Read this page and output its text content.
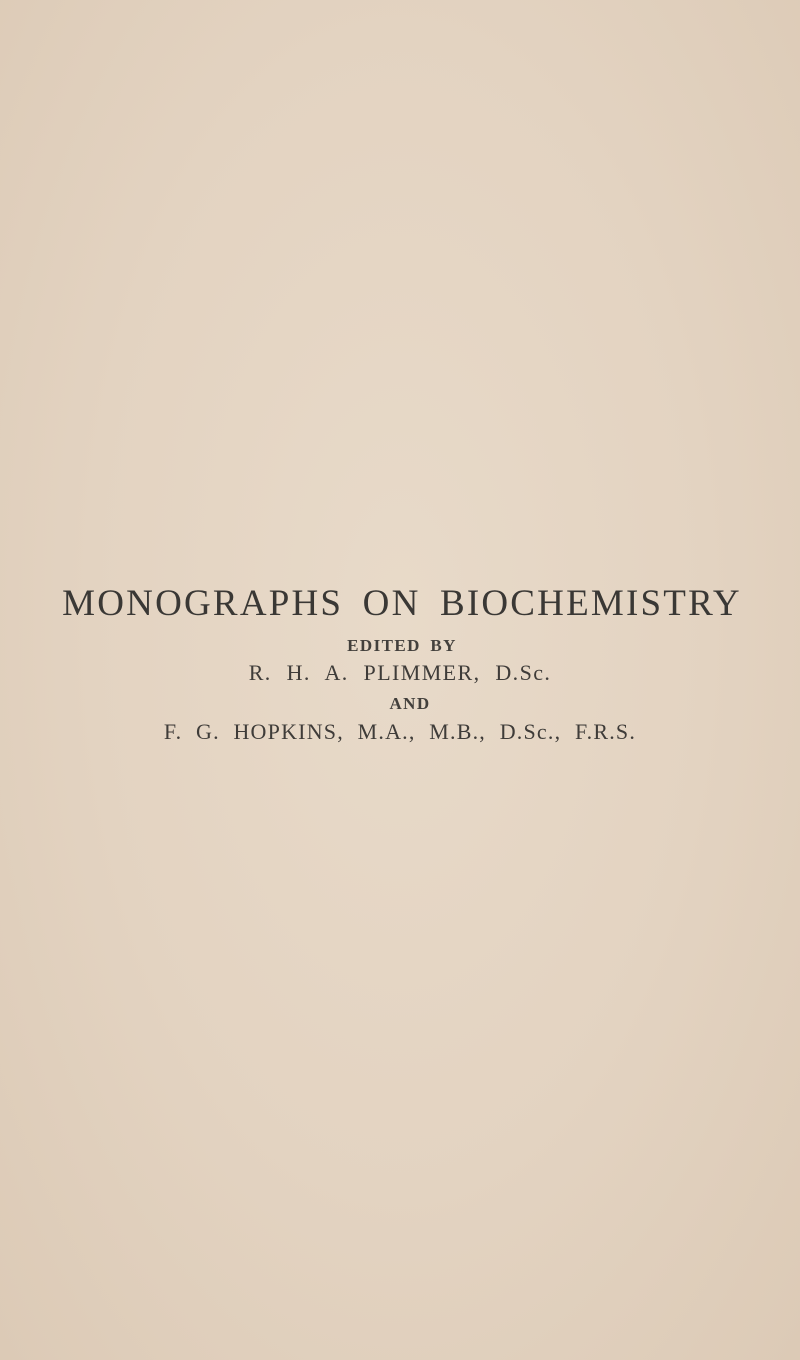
MONOGRAPHS ON BIOCHEMISTRY
EDITED BY
R. H. A. PLIMMER, D.Sc.
AND
F. G. HOPKINS, M.A., M.B., D.Sc., F.R.S.
